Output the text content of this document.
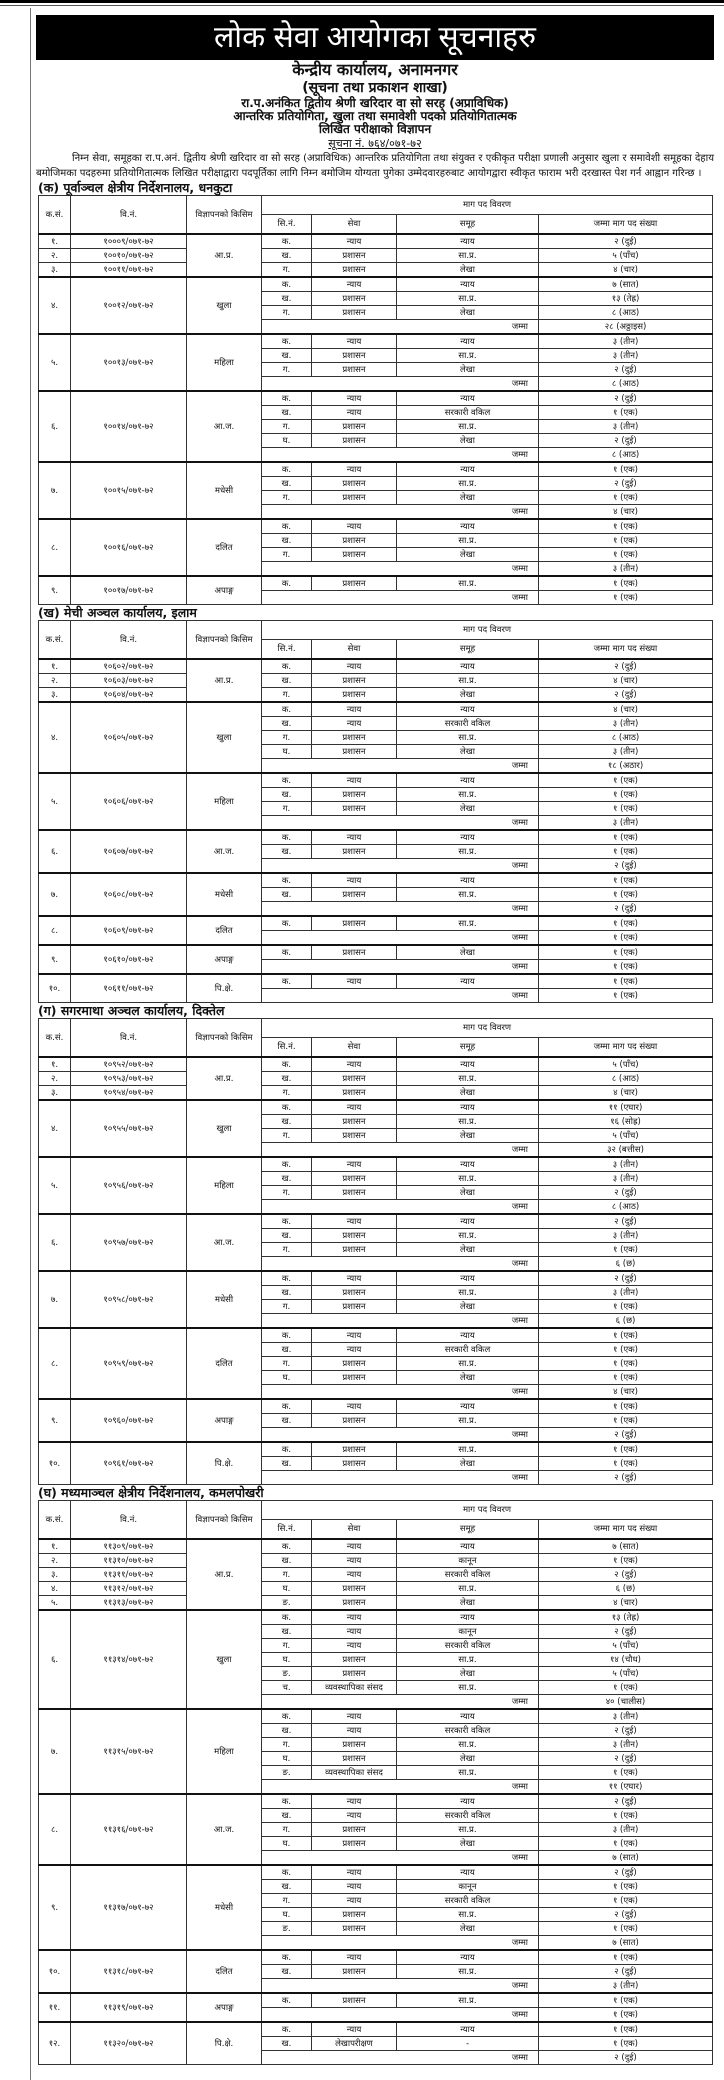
लोक सेवा आयोगका सूचनाहरु
केन्द्रीय कार्यालय, अनामनगर
(सूचना तथा प्रकाशन शाखा)
रा.प.अनंकित द्वितीय श्रेणी खरिदार वा सो सरह (अप्राविधिक)
आन्तरिक प्रतियोगिता, खुला तथा समावेशी पदको प्रतियोगितात्मक
लिखित परीक्षाको विज्ञापन
सूचना नं. ७६४/०७१-७२
निम्न सेवा, समूहका रा.प.अनं. द्वितीय श्रेणी खरिदार वा सो सरह (अप्राविधिक) आन्तरिक प्रतियोगिता तथा संयुक्त र एकीकृत परीक्षा प्रणाली अनुसार खुला र समावेशी समूहका देहाय बमोजिमका पदहरुमा प्रतियोगितात्मक लिखित परीक्षाद्वारा पदपूर्तिका लागि निम्न बमोजिम योग्यता पुगेका उम्मेदवारहरुबाट आयोगद्वारा स्वीकृत फाराम भरी दरखास्त पेश गर्न आह्वान गरिन्छ ।
(क) पूर्वाञ्चल क्षेत्रीय निर्देशनालय, धनकुटा
क.सं.	वि.नं.	विज्ञापनको किसिम	माग पद विवरण			
			सि.नं.	सेवा	समूह	जम्मा माग पद संख्या
१.	१०००९/०७१-७२	आ.प्र.	क.	न्याय	न्याय	२ (दुई)
२.	१००१०/०७१-७२		ख.	प्रशासन	सा.प्र.	५ (पाँच)
३.	१००११/०७१-७२		ग.	प्रशासन	लेखा	४ (चार)
४.	१००१२/०७१-७२	खुला	क.	न्याय	न्याय	७ (सात)
			ख.	प्रशासन	सा.प्र.	१३ (तेह्र)
			ग.	प्रशासन	लेखा	८ (आठ)
			जम्मा			२८ (अठ्ठाइस)
५.	१००१३/०७१-७२	महिला	क.	न्याय	न्याय	३ (तीन)
			ख.	प्रशासन	सा.प्र.	३ (तीन)
			ग.	प्रशासन	लेखा	२ (दुई)
			जम्मा			८ (आठ)
६.	१००१४/०७१-७२	आ.ज.	क.	न्याय	न्याय	२ (दुई)
			ख.	न्याय	सरकारी वकिल	१ (एक)
			ग.	प्रशासन	सा.प्र.	३ (तीन)
			घ.	प्रशासन	लेखा	२ (दुई)
			जम्मा			८ (आठ)
७.	१००१५/०७१-७२	मधेसी	क.	न्याय	न्याय	१ (एक)
			ख.	प्रशासन	सा.प्र.	२ (दुई)
			ग.	प्रशासन	लेखा	१ (एक)
			जम्मा			४ (चार)
८.	१००१६/०७१-७२	दलित	क.	न्याय	न्याय	१ (एक)
			ख.	प्रशासन	सा.प्र.	१ (एक)
			ग.	प्रशासन	लेखा	१ (एक)
			जम्मा			३ (तीन)
९.	१००१७/०७१-७२	अपाङ्ग	क.	प्रशासन	सा.प्र.	१ (एक)
			जम्मा			१ (एक)
(ख) मेची अञ्चल कार्यालय, इलाम
क.सं.	वि.नं.	विज्ञापनको किसिम	माग पद विवरण			
			सि.नं.	सेवा	समूह	जम्मा माग पद संख्या
१.	१०६०२/०७१-७२	आ.प्र.	क.	न्याय	न्याय	२ (दुई)
२.	१०६०३/०७१-७२		ख.	प्रशासन	सा.प्र.	४ (चार)
३.	१०६०४/०७१-७२		ग.	प्रशासन	लेखा	२ (दुई)
४.	१०६०५/०७१-७२	खुला	क.	न्याय	न्याय	४ (चार)
			ख.	न्याय	सरकारी वकिल	३ (तीन)
			ग.	प्रशासन	सा.प्र.	८ (आठ)
			घ.	प्रशासन	लेखा	३ (तीन)
			जम्मा			१८ (अठार)
५.	१०६०६/०७१-७२	महिला	क.	न्याय	न्याय	१ (एक)
			ख.	प्रशासन	सा.प्र.	१ (एक)
			ग.	प्रशासन	लेखा	१ (एक)
			जम्मा			३ (तीन)
६.	१०६०७/०७१-७२	आ.ज.	क.	न्याय	न्याय	१ (एक)
			ख.	प्रशासन	सा.प्र.	१ (एक)
			जम्मा			२ (दुई)
७.	१०६०८/०७१-७२	मधेसी	क.	न्याय	न्याय	१ (एक)
			ख.	प्रशासन	सा.प्र.	१ (एक)
			जम्मा			२ (दुई)
८.	१०६०९/०७१-७२	दलित	क.	प्रशासन	सा.प्र.	१ (एक)
			जम्मा			१ (एक)
९.	१०६१०/०७१-७२	अपाङ्ग	क.	प्रशासन	लेखा	१ (एक)
			जम्मा			१ (एक)
१०.	१०६११/०७१-७२	पि.क्षे.	क.	न्याय	न्याय	१ (एक)
			जम्मा			१ (एक)
(ग) सगरमाथा अञ्चल कार्यालय, दिक्तेल
क.सं.	वि.नं.	विज्ञापनको किसिम	माग पद विवरण			
			सि.नं.	सेवा	समूह	जम्मा माग पद संख्या
१.	१०९५२/०७१-७२	आ.प्र.	क.	न्याय	न्याय	५ (पाँच)
२.	१०९५३/०७१-७२		ख.	प्रशासन	सा.प्र.	८ (आठ)
३.	१०९५४/०७१-७२		ग.	प्रशासन	लेखा	४ (चार)
४.	१०९५५/०७१-७२	खुला	क.	न्याय	न्याय	११ (एघार)
			ख.	प्रशासन	सा.प्र.	१६ (सोह्र)
			ग.	प्रशासन	लेखा	५ (पाँच)
			जम्मा			३२ (बत्तीस)
५.	१०९५६/०७१-७२	महिला	क.	न्याय	न्याय	३ (तीन)
			ख.	प्रशासन	सा.प्र.	३ (तीन)
			ग.	प्रशासन	लेखा	२ (दुई)
			जम्मा			८ (आठ)
६.	१०९५७/०७१-७२	आ.ज.	क.	न्याय	न्याय	२ (दुई)
			ख.	प्रशासन	सा.प्र.	३ (तीन)
			ग.	प्रशासन	लेखा	१ (एक)
			जम्मा			६ (छ)
७.	१०९५८/०७१-७२	मधेसी	क.	न्याय	न्याय	२ (दुई)
			ख.	प्रशासन	सा.प्र.	३ (तीन)
			ग.	प्रशासन	लेखा	१ (एक)
			जम्मा			६ (छ)
८.	१०९५९/०७१-७२	दलित	क.	न्याय	न्याय	१ (एक)
			ख.	न्याय	सरकारी वकिल	१ (एक)
			ग.	प्रशासन	सा.प्र.	१ (एक)
			घ.	प्रशासन	लेखा	१ (एक)
			जम्मा			४ (चार)
९.	१०९६०/०७१-७२	अपाङ्ग	क.	न्याय	न्याय	१ (एक)
			ख.	प्रशासन	सा.प्र.	१ (एक)
			जम्मा			२ (दुई)
१०.	१०९६१/०७१-७२	पि.क्षे.	क.	प्रशासन	सा.प्र.	१ (एक)
			ख.	प्रशासन	लेखा	१ (एक)
			जम्मा			२ (दुई)
(घ) मध्यमाञ्चल क्षेत्रीय निर्देशनालय, कमलपोखरी
क.सं.	वि.नं.	विज्ञापनको किसिम	माग पद विवरण			
			सि.नं.	सेवा	समूह	जम्मा माग पद संख्या
१.	११३०९/०७१-७२	आ.प्र.	क.	न्याय	न्याय	७ (सात)
२.	११३१०/०७१-७२		ख.	न्याय	कानून	१ (एक)
३.	११३११/०७१-७२		ग.	न्याय	सरकारी वकिल	२ (दुई)
४.	११३१२/०७१-७२		घ.	प्रशासन	सा.प्र.	६ (छ)
५.	११३१३/०७१-७२		ङ.	प्रशासन	लेखा	४ (चार)
६.	११३१४/०७१-७२	खुला	क.	न्याय	न्याय	१३ (तेह्र)
			ख.	न्याय	कानून	२ (दुई)
			ग.	न्याय	सरकारी वकिल	५ (पाँच)
			घ.	प्रशासन	सा.प्र.	१४ (चौध)
			ङ.	प्रशासन	लेखा	५ (पाँच)
			च.	व्यवस्थापिका संसद	सा.प्र.	१ (एक)
			जम्मा			४० (चालीस)
७.	११३१५/०७१-७२	महिला	क.	न्याय	न्याय	३ (तीन)
			ख.	न्याय	सरकारी वकिल	२ (दुई)
			ग.	प्रशासन	सा.प्र.	३ (तीन)
			घ.	प्रशासन	लेखा	२ (दुई)
			ङ.	व्यवस्थापिका संसद	सा.प्र.	१ (एक)
			जम्मा			११ (एघार)
८.	११३१६/०७१-७२	आ.ज.	क.	न्याय	न्याय	२ (दुई)
			ख.	न्याय	सरकारी वकिल	१ (एक)
			ग.	प्रशासन	सा.प्र.	३ (तीन)
			घ.	प्रशासन	लेखा	१ (एक)
			जम्मा			७ (सात)
९.	११३१७/०७१-७२	मधेसी	क.	न्याय	न्याय	२ (दुई)
			ख.	न्याय	कानून	१ (एक)
			ग.	न्याय	सरकारी वकिल	१ (एक)
			घ.	प्रशासन	सा.प्र.	२ (दुई)
			ङ.	प्रशासन	लेखा	१ (एक)
			जम्मा			७ (सात)
१०.	११३१८/०७१-७२	दलित	क.	न्याय	न्याय	१ (एक)
			ख.	प्रशासन	सा.प्र.	२ (दुई)
			जम्मा			३ (तीन)
११.	११३१९/०७१-७२	अपाङ्ग	क.	प्रशासन	सा.प्र.	१ (एक)
			जम्मा			१ (एक)
१२.	११३२०/०७१-७२	पि.क्षे.	क.	न्याय	न्याय	१ (एक)
			ख.	लेखापरीक्षण	-	१ (एक)
			जम्मा			२ (दुई)
